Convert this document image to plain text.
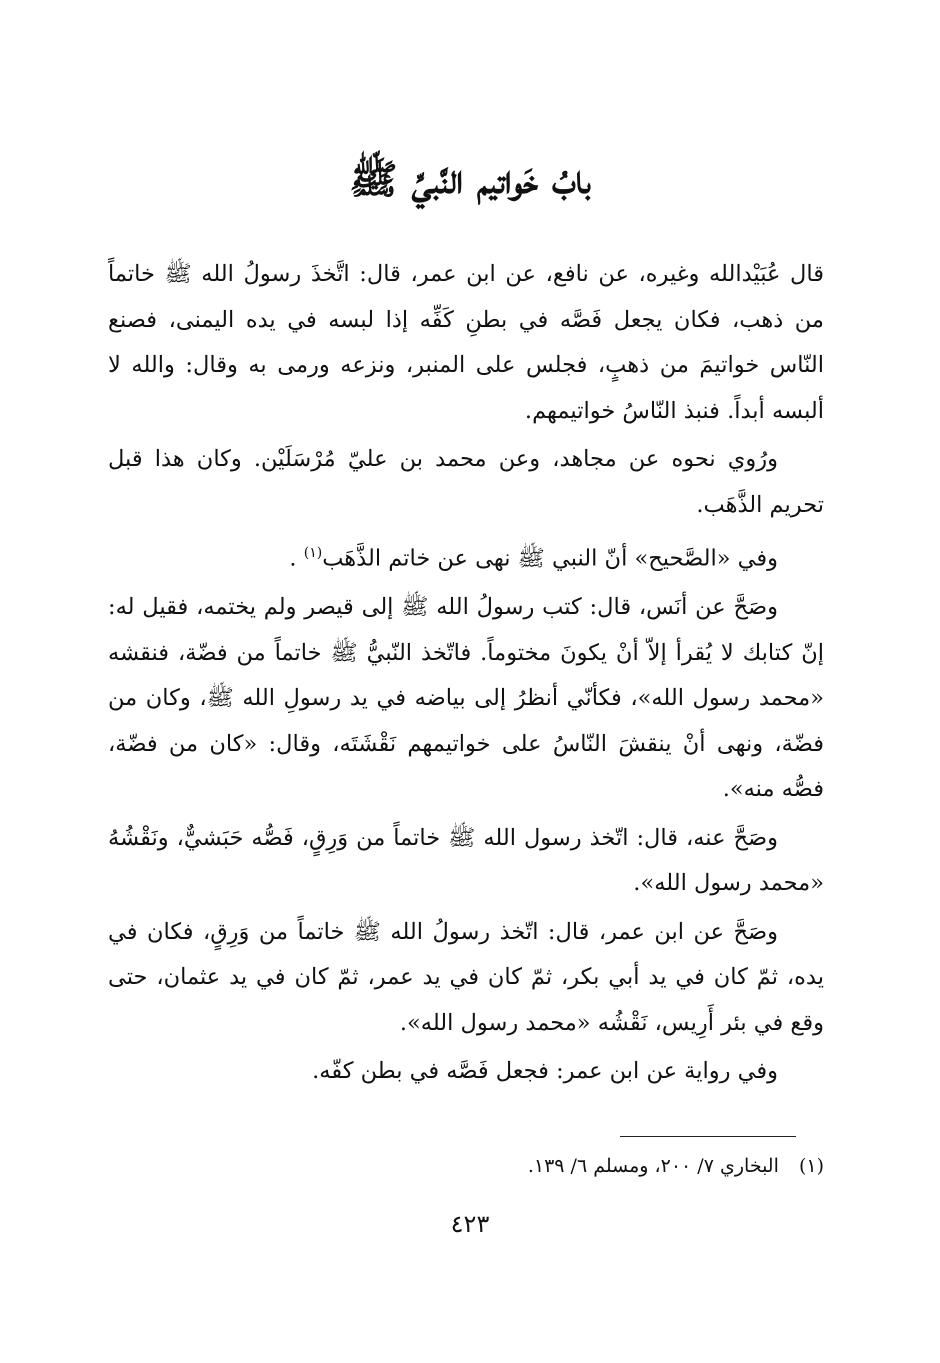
بابُ خَواتيم النَّبيِّ ﷺ

قال عُبَيْدالله وغيره، عن نافع، عن ابن عمر، قال: اتَّخذَ رسولُ الله ﷺ خاتماً من ذهب، فكان يجعل فَصَّه في بطنِ كَفِّه إذا لبسه في يده اليمنى، فصنع النّاس خواتيمَ من ذهبٍ، فجلس على المنبر، ونزعه ورمى به وقال: والله لا ألبسه أبداً. فنبذ النّاسُ خواتيمهم.

ورُوي نحوه عن مجاهد، وعن محمد بن عليّ مُرْسَلَيْن. وكان هذا قبل تحريم الذَّهَب.

وفي «الصَّحيح» أنّ النبي ﷺ نهى عن خاتم الذَّهَب$^{(١)}$ .

وصَحَّ عن أنَس، قال: كتب رسولُ الله ﷺ إلى قيصر ولم يختمه، فقيل له: إنّ كتابك لا يُقرأ إلاّ أنْ يكونَ مختوماً. فاتّخذ النّبيُّ ﷺ خاتماً من فضّة، فنقشه «محمد رسول الله»، فكأنّي أنظرُ إلى بياضه في يد رسولِ الله ﷺ، وكان من فضّة، ونهى أنْ ينقشَ النّاسُ على خواتيمهم نَقْشَتَه، وقال: «كان من فضّة، فصُّه منه».

وصَحَّ عنه، قال: اتّخذ رسول الله ﷺ خاتماً من وَرِقٍ، فَصُّه حَبَشيٌّ، ونَقْشُهُ «محمد رسول الله».

وصَحَّ عن ابن عمر، قال: اتّخذ رسولُ الله ﷺ خاتماً من وَرِقٍ، فكان في يده، ثمّ كان في يد أبي بكر، ثمّ كان في يد عمر، ثمّ كان في يد عثمان، حتى وقع في بئر أَرِيس، نَقْشُه «محمد رسول الله».

وفي رواية عن ابن عمر: فجعل فَصَّه في بطن كفّه.

(١) البخاري ٧/ ٢٠٠، ومسلم ٦/ ١٣٩.
٤٢٣
